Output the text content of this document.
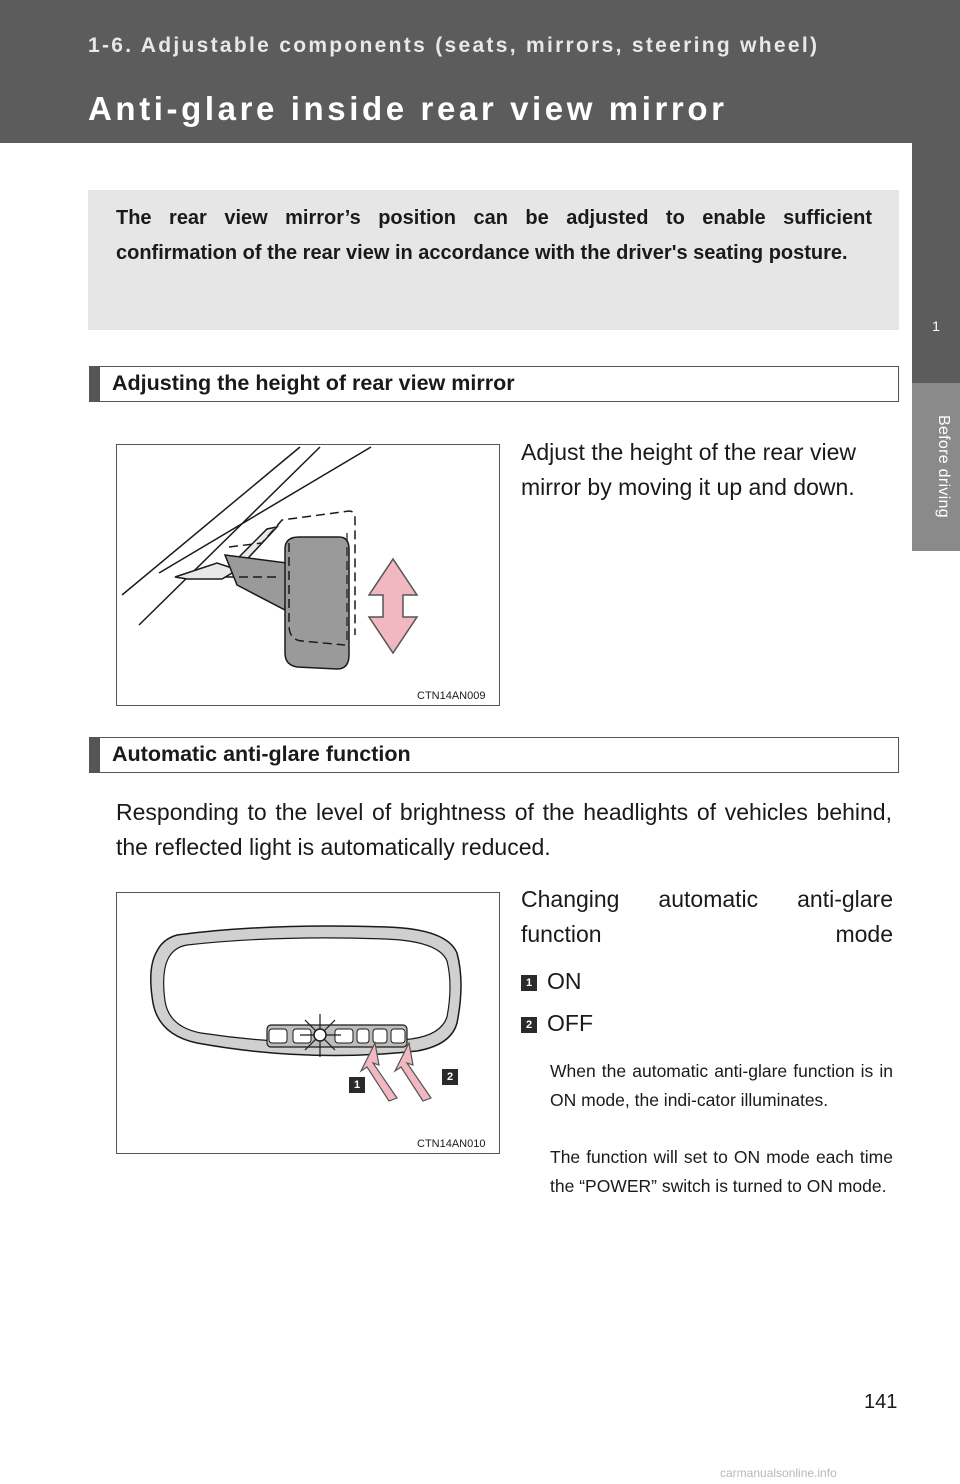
1-6. Adjustable components (seats, mirrors, steering wheel)
Anti-glare inside rear view mirror
1
Before driving
The rear view mirror’s position can be adjusted to enable sufficient confirmation of the rear view in accordance with the driver's seating posture.
Adjusting the height of rear view mirror
CTN14AN009
Adjust the height of the rear view mirror by moving it up and down.
Automatic anti-glare function
Responding to the level of brightness of the headlights of vehicles behind, the reflected light is automatically reduced.
1
2
CTN14AN010
Changing automatic anti-glare function mode
1 ON
2 OFF
When the automatic anti-glare function is in ON mode, the indi-cator illuminates.
The function will set to ON mode each time the “POWER” switch is turned to ON mode.
141
carmanualsonline.info
